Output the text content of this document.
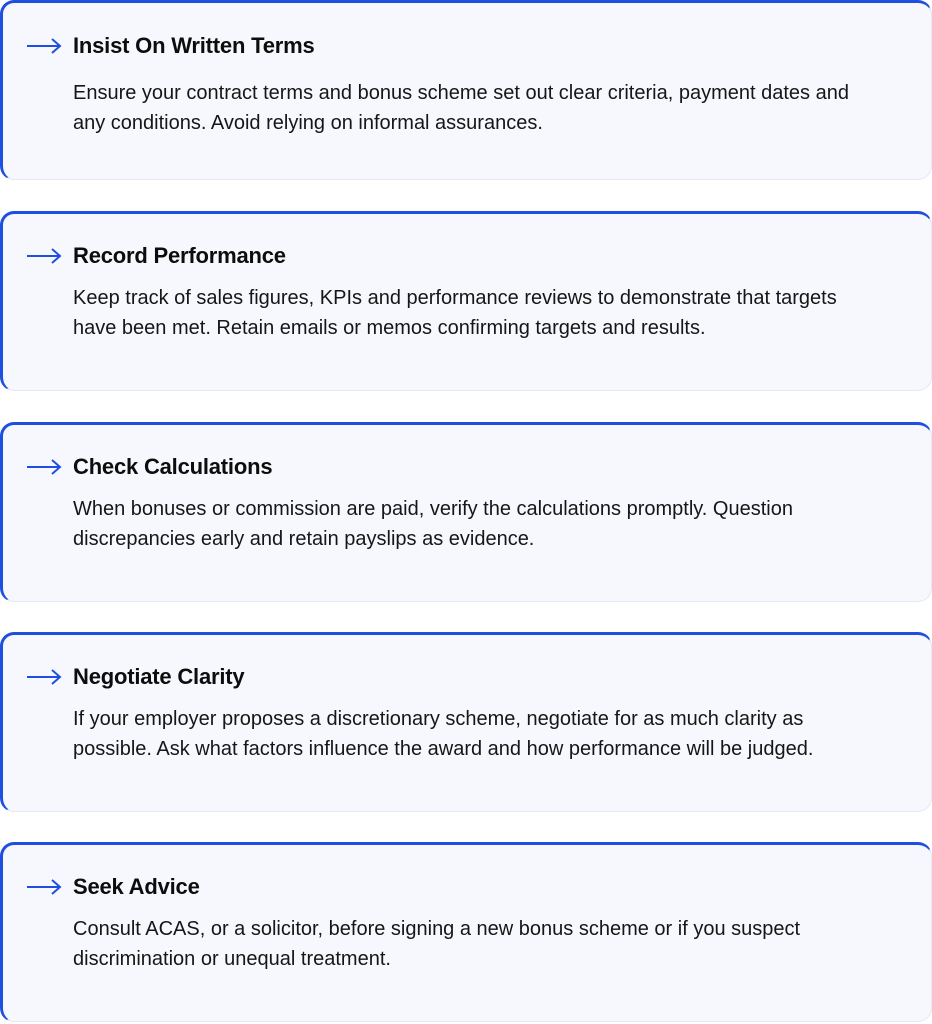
Insist On Written Terms
Ensure your contract terms and bonus scheme set out clear criteria, payment dates and any conditions. Avoid relying on informal assurances.
Record Performance
Keep track of sales figures, KPIs and performance reviews to demonstrate that targets have been met. Retain emails or memos confirming targets and results.
Check Calculations
When bonuses or commission are paid, verify the calculations promptly. Question discrepancies early and retain payslips as evidence.
Negotiate Clarity
If your employer proposes a discretionary scheme, negotiate for as much clarity as possible. Ask what factors influence the award and how performance will be judged.
Seek Advice
Consult ACAS, or a solicitor, before signing a new bonus scheme or if you suspect discrimination or unequal treatment.
